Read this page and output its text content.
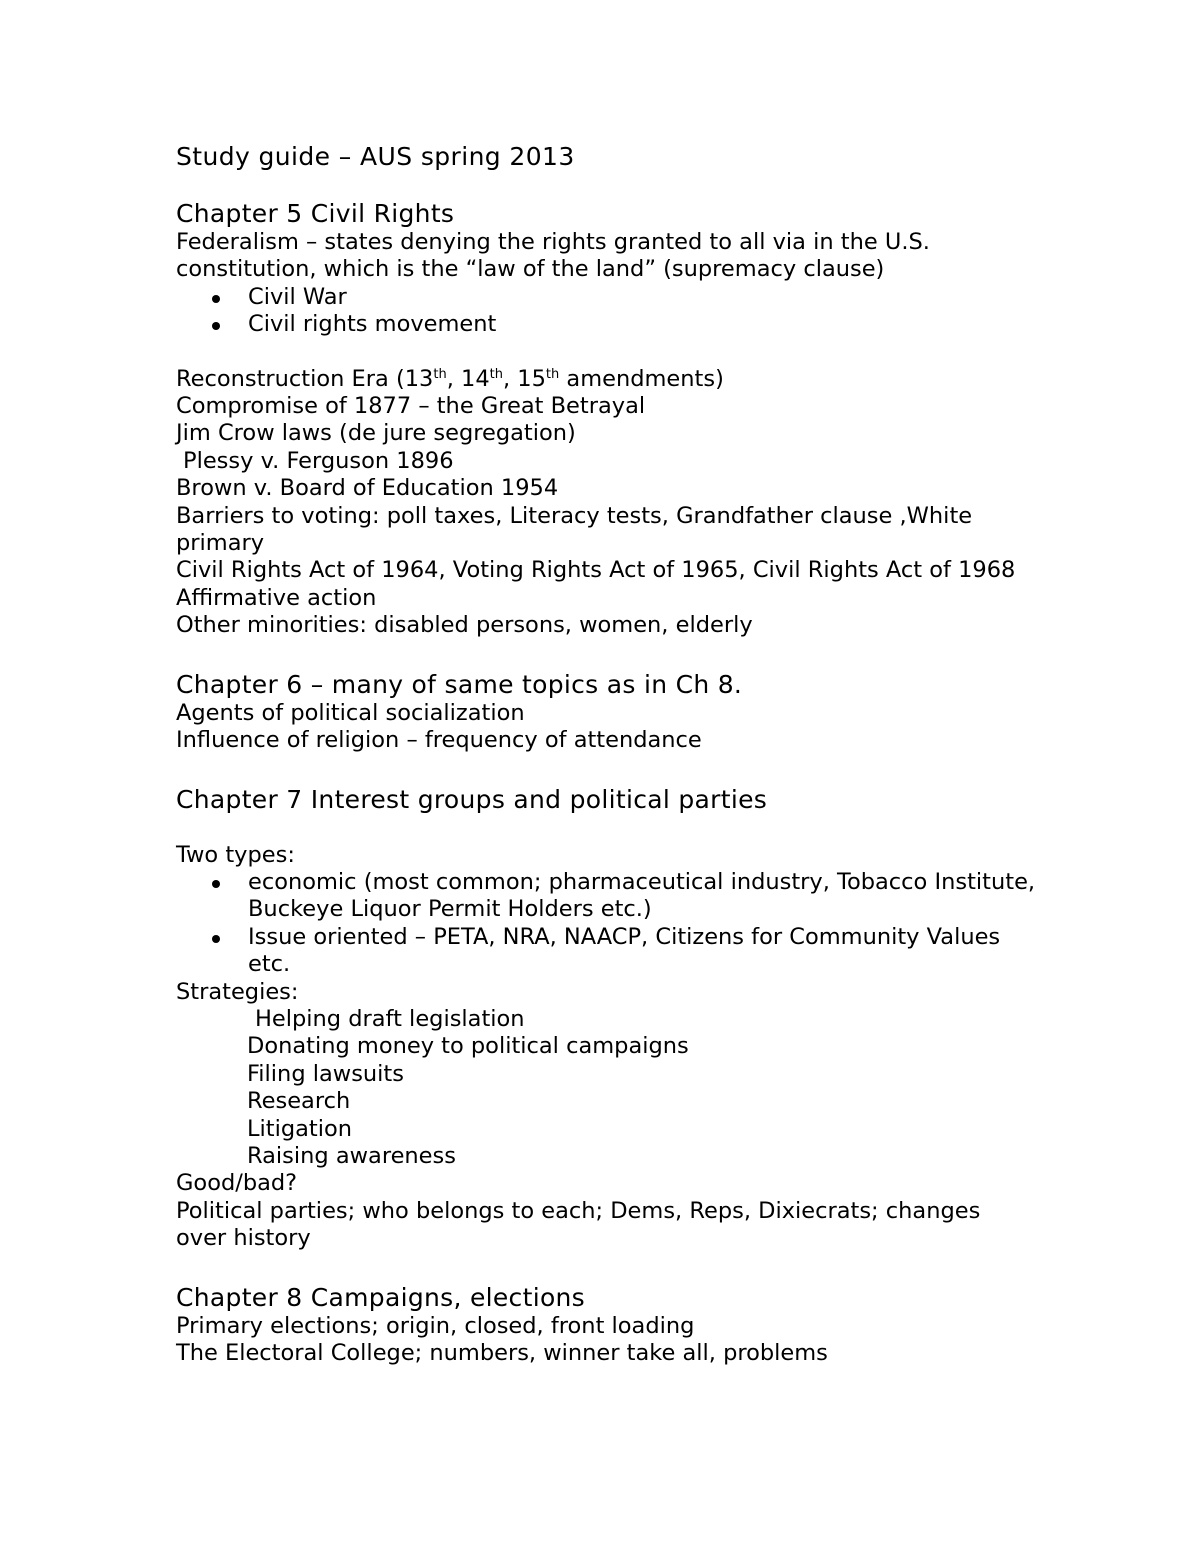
Study guide – AUS spring 2013

Chapter 5 Civil Rights

Federalism – states denying the rights granted to all via in the U.S. constitution, which is the “law of the land” (supremacy clause)

Civil War
Civil rights movement

Reconstruction Era (13th, 14th, 15th amendments)

Compromise of 1877 – the Great Betrayal

Jim Crow laws (de jure segregation)

Plessy v. Ferguson 1896

Brown v. Board of Education 1954

Barriers to voting: poll taxes, Literacy tests, Grandfather clause ,White primary

Civil Rights Act of 1964, Voting Rights Act of 1965, Civil Rights Act of 1968

Affirmative action

Other minorities: disabled persons, women, elderly

Chapter 6 – many of same topics as in Ch 8.

Agents of political socialization

Influence of religion – frequency of attendance

Chapter 7 Interest groups and political parties

Two types:

economic (most common; pharmaceutical industry, Tobacco Institute, Buckeye Liquor Permit Holders etc.)
Issue oriented – PETA, NRA, NAACP, Citizens for Community Values etc.

Strategies:

Helping draft legislation

Donating money to political campaigns

Filing lawsuits

Research

Litigation

Raising awareness

Good/bad?

Political parties; who belongs to each; Dems, Reps, Dixiecrats; changes over history

Chapter 8 Campaigns, elections

Primary elections; origin, closed, front loading

The Electoral College; numbers, winner take all, problems
